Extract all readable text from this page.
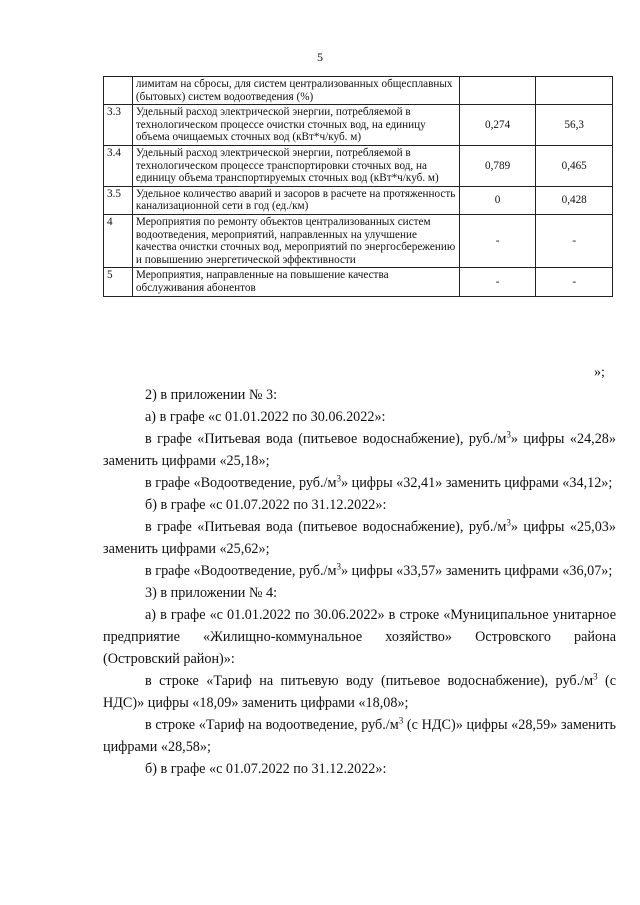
5
	лимитам на сбросы, для систем централизованных общесплавных (бытовых) систем водоотведения (%)		
3.3	Удельный расход электрической энергии, потребляемой в технологическом процессе очистки сточных вод, на единицу объема очищаемых сточных вод (кВт*ч/куб. м)	0,274	56,3
3.4	Удельный расход электрической энергии, потребляемой в технологическом процессе транспортировки сточных вод, на единицу объема транспортируемых сточных вод (кВт*ч/куб. м)	0,789	0,465
3.5	Удельное количество аварий и засоров в расчете на протяженность канализационной сети в год (ед./км)	0	0,428
4	Мероприятия по ремонту объектов централизованных систем водоотведения, мероприятий, направленных на улучшение качества очистки сточных вод, мероприятий по энергосбережению и повышению энергетической эффективности	-	-
5	Мероприятия, направленные на повышение качества обслуживания абонентов	-	-
»;

2) в приложении № 3:

а) в графе «с 01.01.2022 по 30.06.2022»:

в графе «Питьевая вода (питьевое водоснабжение), $руб./м^3$» цифры «24,28» заменить цифрами «25,18»;

в графе «Водоотведение, $руб./м^3$» цифры «32,41» заменить цифрами «34,12»;

б) в графе «с 01.07.2022 по 31.12.2022»:

в графе «Питьевая вода (питьевое водоснабжение), $руб./м^3$» цифры «25,03» заменить цифрами «25,62»;

в графе «Водоотведение, $руб./м^3$» цифры «33,57» заменить цифрами «36,07»;

3) в приложении № 4:

а) в графе «с 01.01.2022 по 30.06.2022» в строке «Муниципальное унитарное предприятие «Жилищно-коммунальное хозяйство» Островского района (Островский район)»:

в строке «Тариф на питьевую воду (питьевое водоснабжение), $руб./м^3$ (с НДС)» цифры «18,09» заменить цифрами «18,08»;

в строке «Тариф на водоотведение, $руб./м^3$ (с НДС)» цифры «28,59» заменить цифрами «28,58»;

б) в графе «с 01.07.2022 по 31.12.2022»:
